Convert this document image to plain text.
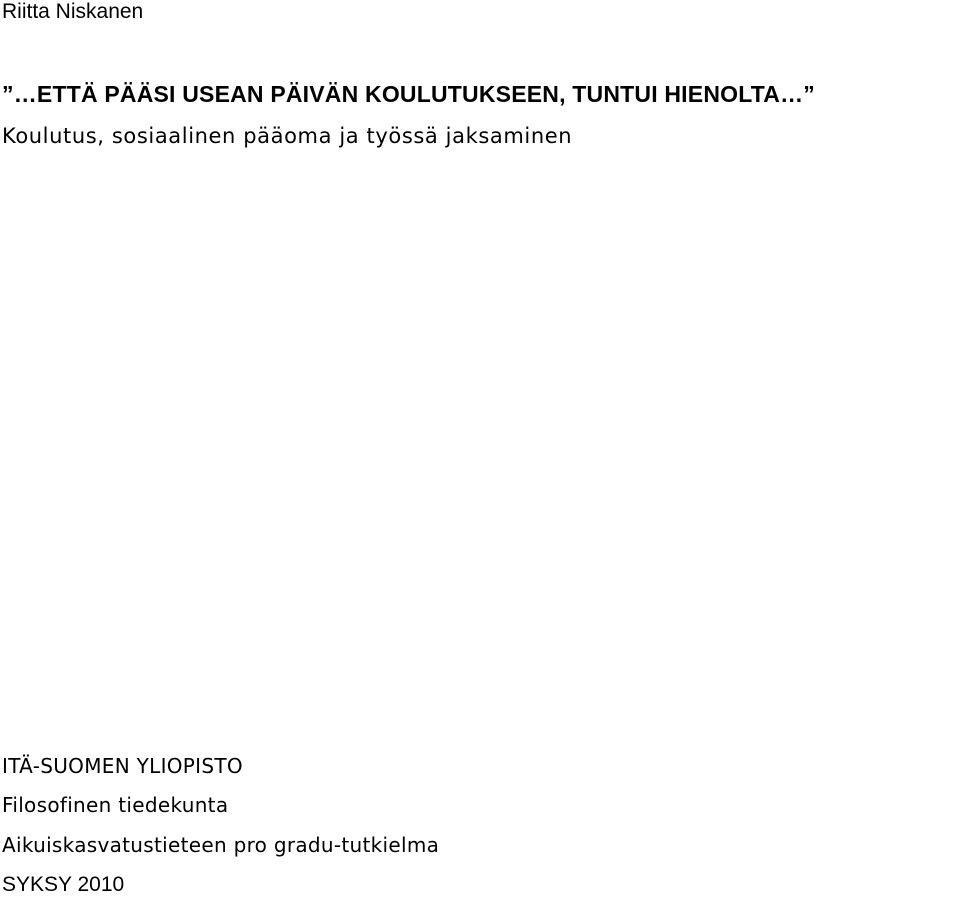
Riitta Niskanen
”…ETTÄ PÄÄSI USEAN PÄIVÄN KOULUTUKSEEN, TUNTUI HIENOLTA…”
Koulutus, sosiaalinen pääoma ja työssä jaksaminen
ITÄ-SUOMEN YLIOPISTO
Filosofinen tiedekunta
Aikuiskasvatustieteen pro gradu-tutkielma
SYKSY 2010
